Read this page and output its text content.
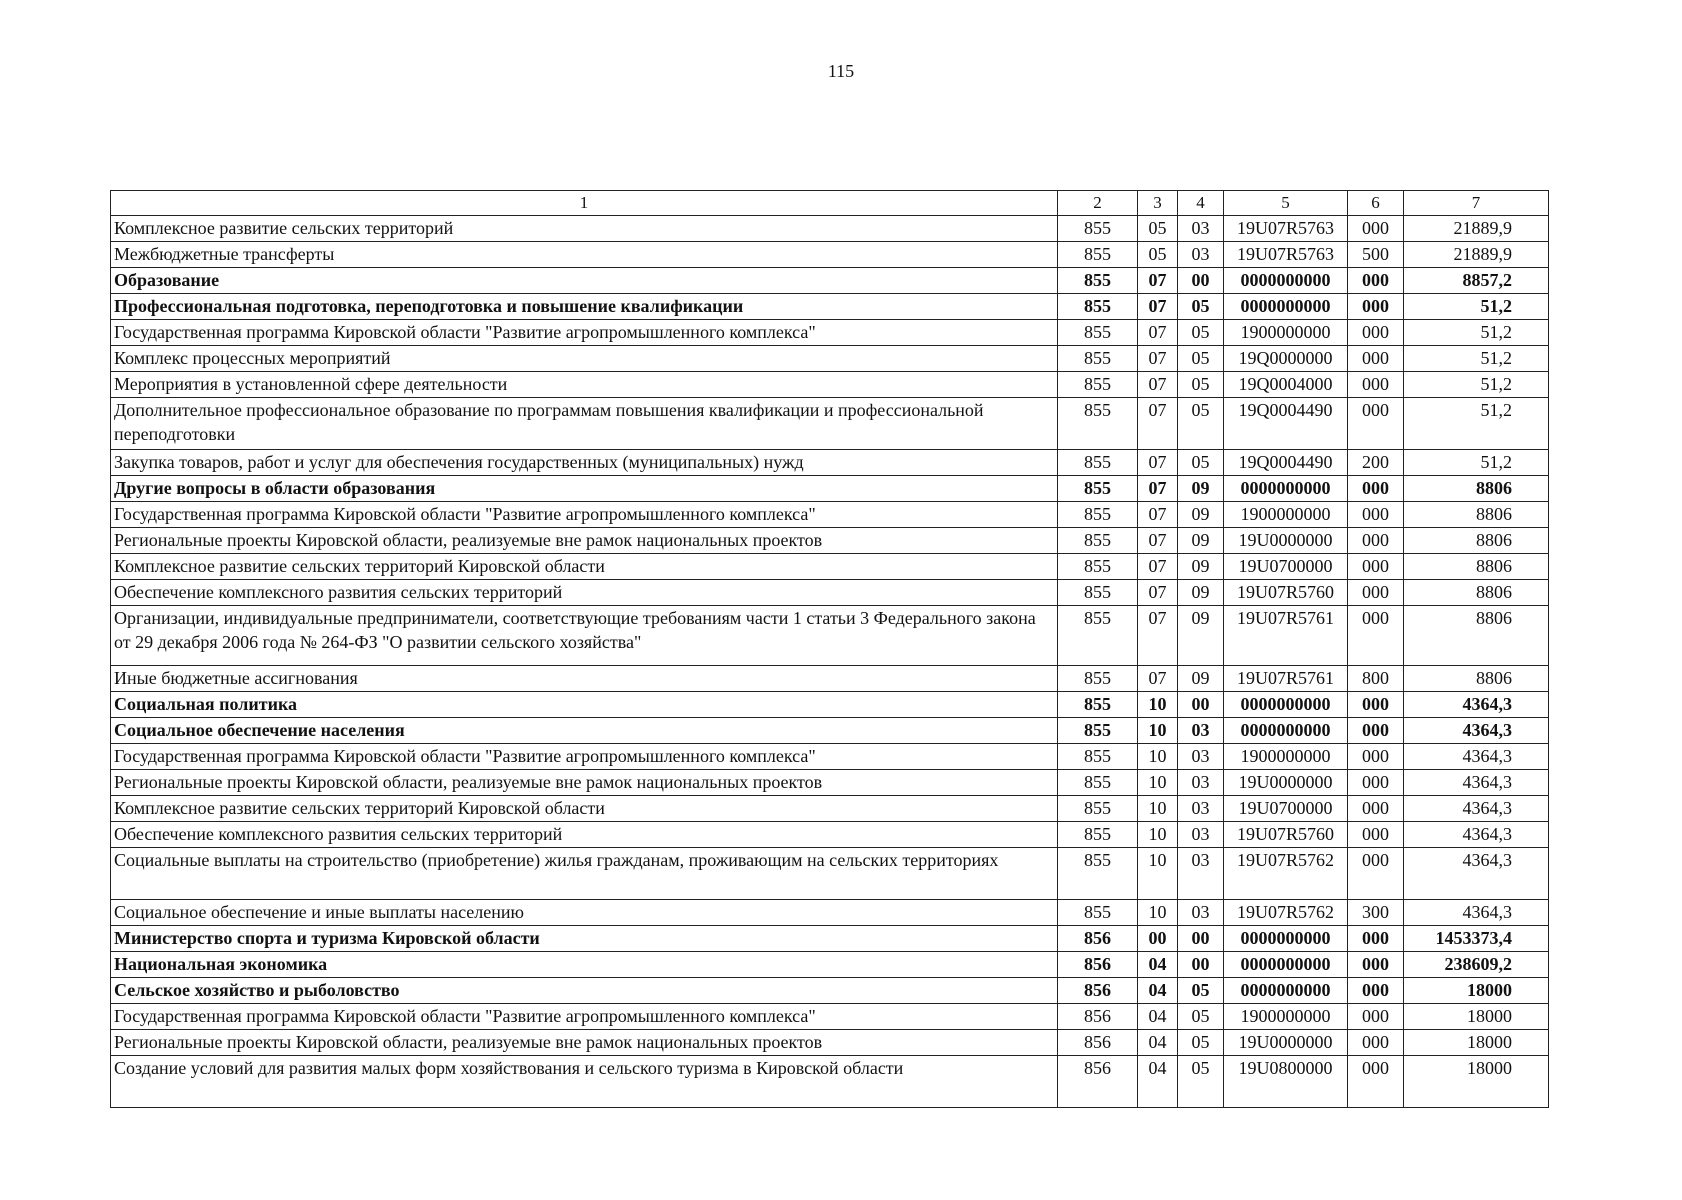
115
1	2	3	4	5	6	7
Комплексное развитие сельских территорий	855	05	03	19U07R5763	000	21889,9
Межбюджетные трансферты	855	05	03	19U07R5763	500	21889,9
Образование	855	07	00	0000000000	000	8857,2
Профессиональная подготовка, переподготовка и повышение квалификации	855	07	05	0000000000	000	51,2
Государственная программа Кировской области "Развитие агропромышленного комплекса"	855	07	05	1900000000	000	51,2
Комплекс процессных мероприятий	855	07	05	19Q0000000	000	51,2
Мероприятия в установленной сфере деятельности	855	07	05	19Q0004000	000	51,2
Дополнительное профессиональное образование по программам повышения квалификации и профессиональной переподготовки	855	07	05	19Q0004490	000	51,2
Закупка товаров, работ и услуг для обеспечения государственных (муниципальных) нужд	855	07	05	19Q0004490	200	51,2
Другие вопросы в области образования	855	07	09	0000000000	000	8806
Государственная программа Кировской области "Развитие агропромышленного комплекса"	855	07	09	1900000000	000	8806
Региональные проекты Кировской области, реализуемые вне рамок национальных проектов	855	07	09	19U0000000	000	8806
Комплексное развитие сельских территорий Кировской области	855	07	09	19U0700000	000	8806
Обеспечение комплексного развития сельских территорий	855	07	09	19U07R5760	000	8806
Организации, индивидуальные предприниматели, соответствующие требованиям части 1 статьи 3 Федерального закона от 29 декабря 2006 года № 264-ФЗ "О развитии сельского хозяйства"	855	07	09	19U07R5761	000	8806
Иные бюджетные ассигнования	855	07	09	19U07R5761	800	8806
Социальная политика	855	10	00	0000000000	000	4364,3
Социальное обеспечение населения	855	10	03	0000000000	000	4364,3
Государственная программа Кировской области "Развитие агропромышленного комплекса"	855	10	03	1900000000	000	4364,3
Региональные проекты Кировской области, реализуемые вне рамок национальных проектов	855	10	03	19U0000000	000	4364,3
Комплексное развитие сельских территорий Кировской области	855	10	03	19U0700000	000	4364,3
Обеспечение комплексного развития сельских территорий	855	10	03	19U07R5760	000	4364,3
Социальные выплаты на строительство (приобретение) жилья гражданам, проживающим на сельских территориях	855	10	03	19U07R5762	000	4364,3
Социальное обеспечение и иные выплаты населению	855	10	03	19U07R5762	300	4364,3
Министерство спорта и туризма Кировской области	856	00	00	0000000000	000	1453373,4
Национальная экономика	856	04	00	0000000000	000	238609,2
Сельское хозяйство и рыболовство	856	04	05	0000000000	000	18000
Государственная программа Кировской области "Развитие агропромышленного комплекса"	856	04	05	1900000000	000	18000
Региональные проекты Кировской области, реализуемые вне рамок национальных проектов	856	04	05	19U0000000	000	18000
Создание условий для развития малых форм хозяйствования и сельского туризма в Кировской области	856	04	05	19U0800000	000	18000
